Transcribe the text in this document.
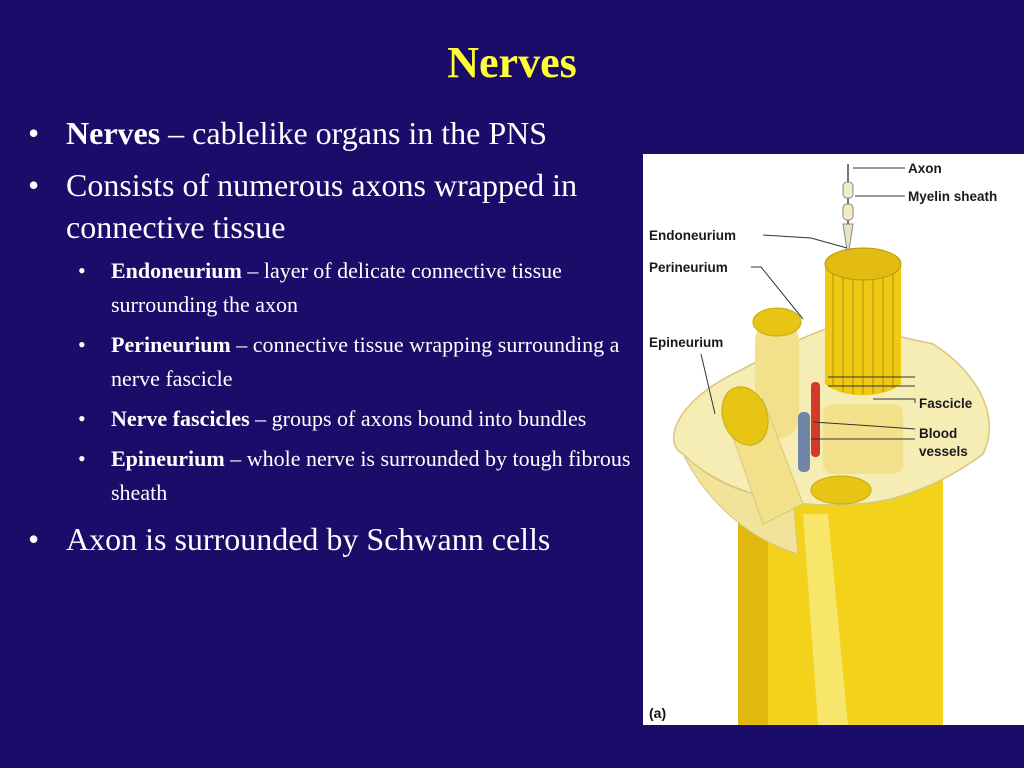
Nerves
• Nerves – cablelike organs in the PNS
• Consists of numerous axons wrapped in connective tissue
• Endoneurium – layer of delicate connective tissue surrounding the axon
• Perineurium – connective tissue wrapping surrounding a nerve fascicle
• Nerve fascicles – groups of axons bound into bundles
• Epineurium – whole nerve is surrounded by tough fibrous sheath
• Axon is surrounded by Schwann cells
Axon
Myelin sheath
Endoneurium
Perineurium
Epineurium
Fascicle
Blood
vessels
(a)
